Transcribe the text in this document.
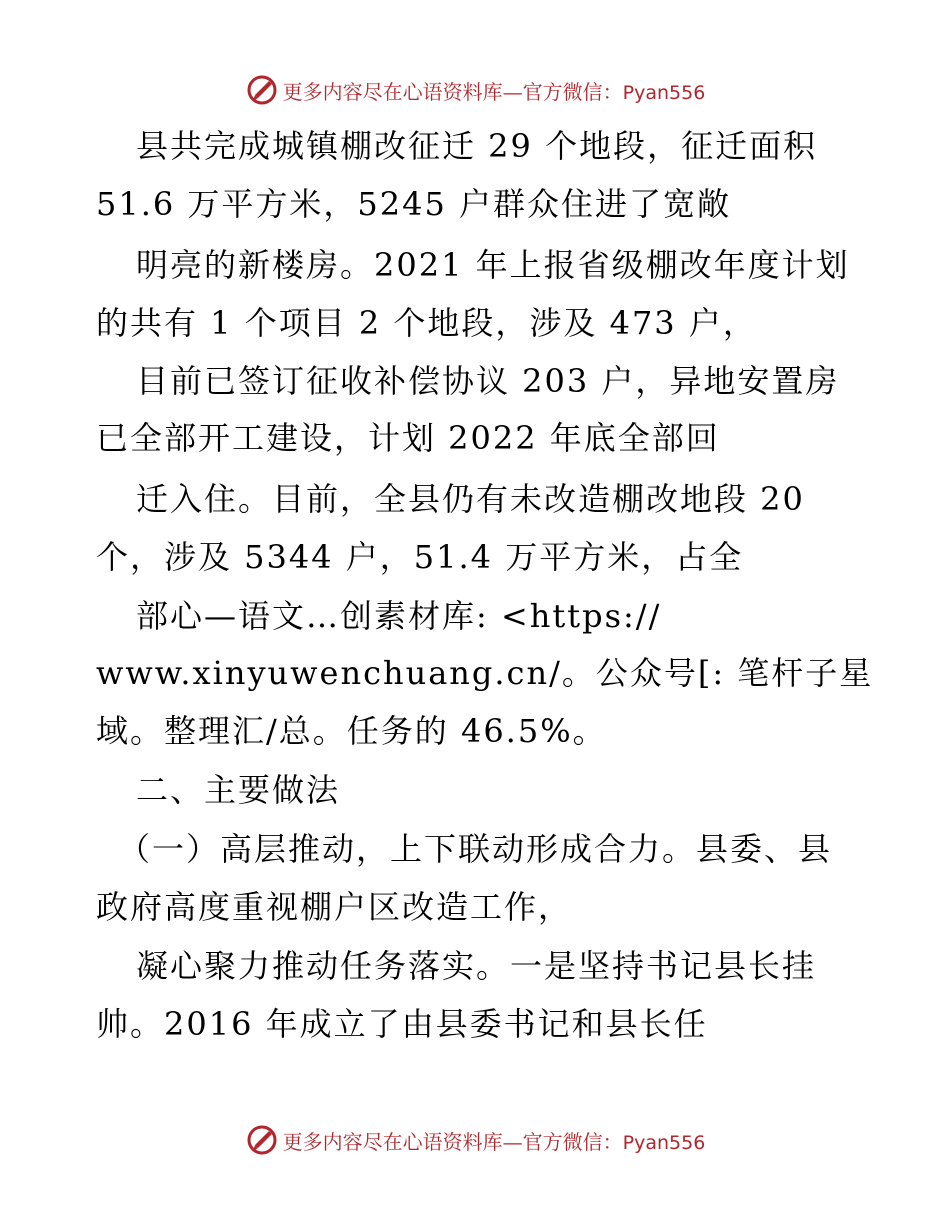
更多内容尽在心语资料库—官方微信：Pyan556
县共完成城镇棚改征迁 29 个地段，征迁面积
51.6 万平方米，5245 户群众住进了宽敞
明亮的新楼房。2021 年上报省级棚改年度计划
的共有 1 个项目 2 个地段，涉及 473 户，
目前已签订征收补偿协议 203 户，异地安置房
已全部开工建设，计划 2022 年底全部回
迁入住。目前，全县仍有未改造棚改地段 20
个，涉及 5344 户，51.4 万平方米，占全
部心—语文…创素材库: <https://
www.xinyuwenchuang.cn/。公众号[: 笔杆子星
域。整理汇/总。任务的 46.5%。
二、主要做法
（一）高层推动，上下联动形成合力。县委、县
政府高度重视棚户区改造工作，
凝心聚力推动任务落实。一是坚持书记县长挂
帅。2016 年成立了由县委书记和县长任
更多内容尽在心语资料库—官方微信：Pyan556
